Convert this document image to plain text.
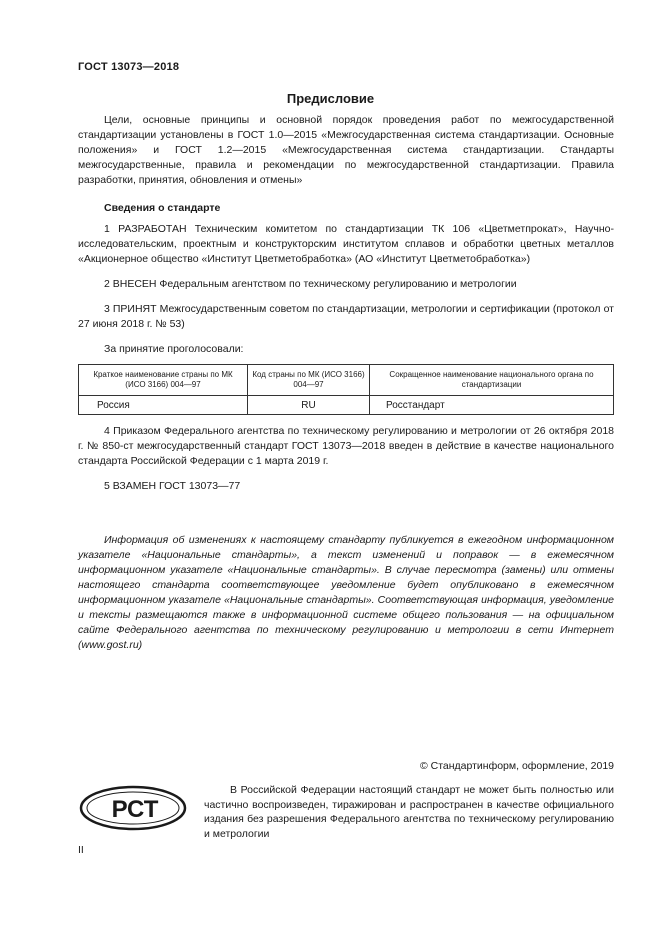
ГОСТ 13073—2018
Предисловие
Цели, основные принципы и основной порядок проведения работ по межгосударственной стандартизации установлены в ГОСТ 1.0—2015 «Межгосударственная система стандартизации. Основные положения» и ГОСТ 1.2—2015 «Межгосударственная система стандартизации. Стандарты межгосударственные, правила и рекомендации по межгосударственной стандартизации. Правила разработки, принятия, обновления и отмены»
Сведения о стандарте
1 РАЗРАБОТАН Техническим комитетом по стандартизации ТК 106 «Цветметпрокат», Научно-исследовательским, проектным и конструкторским институтом сплавов и обработки цветных металлов «Акционерное общество «Институт Цветметобработка» (АО «Институт Цветметобработка»)
2 ВНЕСЕН Федеральным агентством по техническому регулированию и метрологии
3 ПРИНЯТ Межгосударственным советом по стандартизации, метрологии и сертификации (протокол от 27 июня 2018 г. № 53)
За принятие проголосовали:
Краткое наименование страны по МК (ИСО 3166) 004—97	Код страны по МК (ИСО 3166) 004—97	Сокращенное наименование национального органа по стандартизации
Россия	RU	Росстандарт
4 Приказом Федерального агентства по техническому регулированию и метрологии от 26 октября 2018 г. № 850-ст межгосударственный стандарт ГОСТ 13073—2018 введен в действие в качестве национального стандарта Российской Федерации с 1 марта 2019 г.
5 ВЗАМЕН ГОСТ 13073—77
Информация об изменениях к настоящему стандарту публикуется в ежегодном информационном указателе «Национальные стандарты», а текст изменений и поправок — в ежемесячном информационном указателе «Национальные стандарты». В случае пересмотра (замены) или отмены настоящего стандарта соответствующее уведомление будет опубликовано в ежемесячном информационном указателе «Национальные стандарты». Соответствующая информация, уведомление и тексты размещаются также в информационной системе общего пользования — на официальном сайте Федерального агентства по техническому регулированию и метрологии в сети Интернет (www.gost.ru)
© Стандартинформ, оформление, 2019
РСТ
В Российской Федерации настоящий стандарт не может быть полностью или частично воспроизведен, тиражирован и распространен в качестве официального издания без разрешения Федерального агентства по техническому регулированию и метрологии
II
